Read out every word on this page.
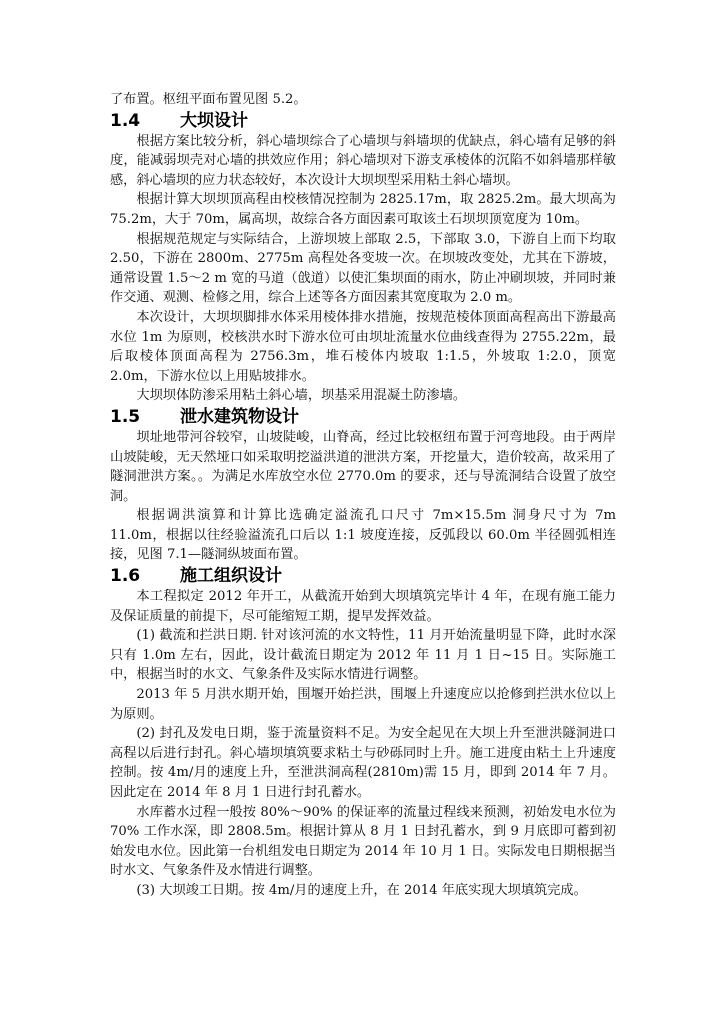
了布置。枢纽平面布置见图 5.2。

1.4 大坝设计

根据方案比较分析，斜心墙坝综合了心墙坝与斜墙坝的优缺点，斜心墙有足够的斜度，能减弱坝壳对心墙的拱效应作用；斜心墙坝对下游支承棱体的沉陷不如斜墙那样敏感，斜心墙坝的应力状态较好，本次设计大坝坝型采用粘土斜心墙坝。

根据计算大坝坝顶高程由校核情况控制为 2825.17m，取 2825.2m。最大坝高为 75.2m，大于 70m，属高坝，故综合各方面因素可取该土石坝坝顶宽度为 10m。

根据规范规定与实际结合，上游坝坡上部取 2.5，下部取 3.0，下游自上而下均取 2.50，下游在 2800m、2775m 高程处各变坡一次。在坝坡改变处，尤其在下游坡，通常设置 1.5～2 m 宽的马道（戗道）以使汇集坝面的雨水，防止冲刷坝坡，并同时兼作交通、观测、检修之用，综合上述等各方面因素其宽度取为 2.0 m。

本次设计，大坝坝脚排水体采用棱体排水措施，按规范棱体顶面高程高出下游最高水位 1m 为原则，校核洪水时下游水位可由坝址流量水位曲线查得为 2755.22m，最后取棱体顶面高程为 2756.3m，堆石棱体内坡取 1:1.5，外坡取 1:2.0，顶宽 2.0m，下游水位以上用贴坡排水。

大坝坝体防渗采用粘土斜心墙，坝基采用混凝土防渗墙。

1.5 泄水建筑物设计

坝址地带河谷较窄，山坡陡峻，山脊高，经过比较枢纽布置于河弯地段。由于两岸山坡陡峻，无天然垭口如采取明挖溢洪道的泄洪方案，开挖量大，造价较高，故采用了隧洞泄洪方案。。为满足水库放空水位 2770.0m 的要求，还与导流洞结合设置了放空洞。

根据调洪演算和计算比选确定溢流孔口尺寸 7m×15.5m 洞身尺寸为 7m 11.0m，根据以往经验溢流孔口后以 1:1 坡度连接，反弧段以 60.0m 半径圆弧相连接，见图 7.1—隧洞纵坡面布置。

1.6 施工组织设计

本工程拟定 2012 年开工，从截流开始到大坝填筑完毕计 4 年，在现有施工能力及保证质量的前提下，尽可能缩短工期，提早发挥效益。

(1) 截流和拦洪日期. 针对该河流的水文特性，11 月开始流量明显下降，此时水深只有 1.0m 左右，因此，设计截流日期定为 2012 年 11 月 1 日~15 日。实际施工中，根据当时的水文、气象条件及实际水情进行调整。

2013 年 5 月洪水期开始，围堰开始拦洪，围堰上升速度应以抢修到拦洪水位以上为原则。

(2) 封孔及发电日期，鉴于流量资料不足。为安全起见在大坝上升至泄洪隧洞进口高程以后进行封孔。斜心墙坝填筑要求粘土与砂砾同时上升。施工进度由粘土上升速度控制。按 4m/月的速度上升，至泄洪洞高程(2810m)需 15 月，即到 2014 年 7 月。因此定在 2014 年 8 月 1 日进行封孔蓄水。

水库蓄水过程一般按 80%～90% 的保证率的流量过程线来预测，初始发电水位为 70% 工作水深，即 2808.5m。根据计算从 8 月 1 日封孔蓄水，到 9 月底即可蓄到初始发电水位。因此第一台机组发电日期定为 2014 年 10 月 1 日。实际发电日期根据当时水文、气象条件及水情进行调整。

(3) 大坝竣工日期。按 4m/月的速度上升，在 2014 年底实现大坝填筑完成。
